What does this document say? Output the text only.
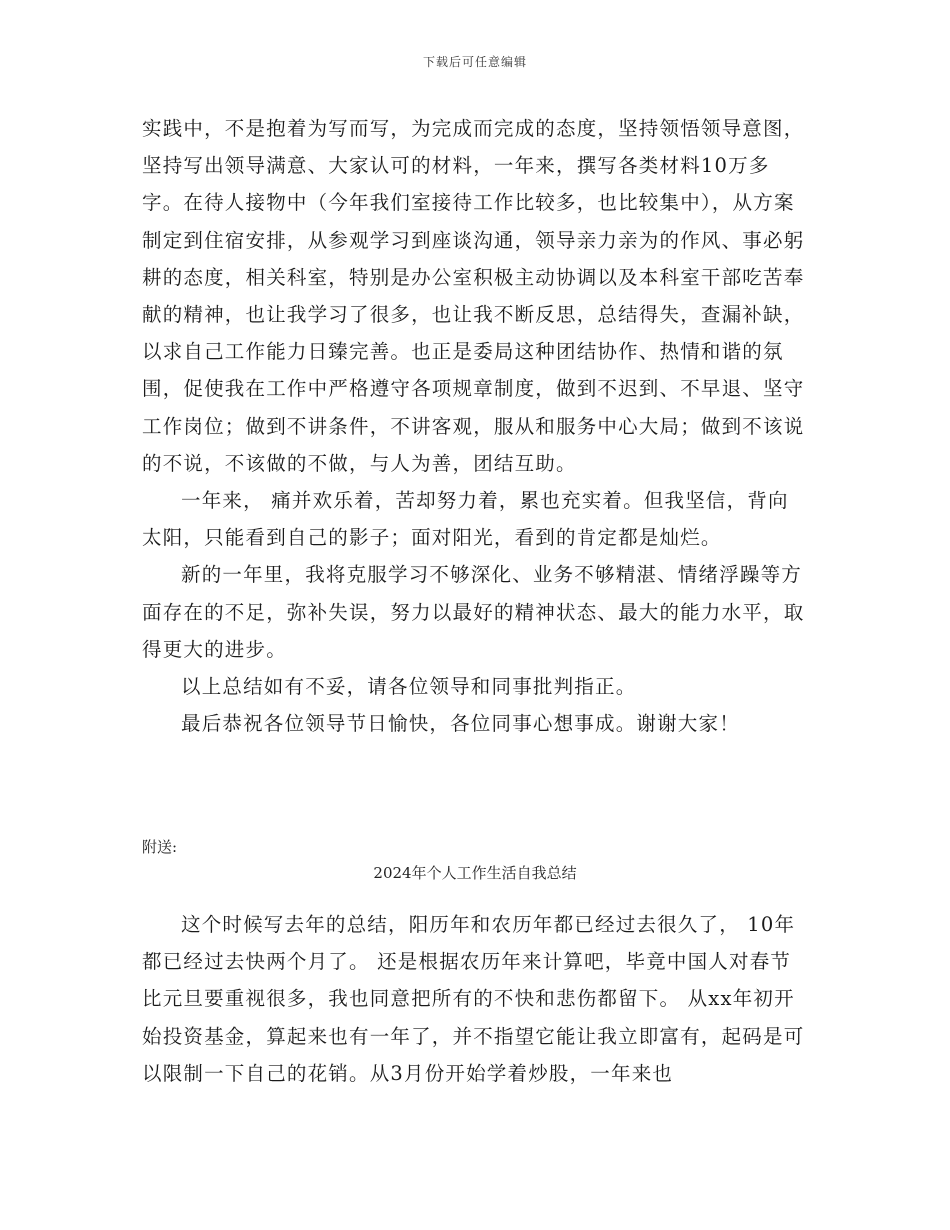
下载后可任意编辑

实践中，不是抱着为写而写，为完成而完成的态度，坚持领悟领导意图，坚持写出领导满意、大家认可的材料，一年来，撰写各类材料10万多字。在待人接物中（今年我们室接待工作比较多，也比较集中），从方案制定到住宿安排，从参观学习到座谈沟通，领导亲力亲为的作风、事必躬耕的态度，相关科室，特别是办公室积极主动协调以及本科室干部吃苦奉献的精神，也让我学习了很多，也让我不断反思，总结得失，查漏补缺，以求自己工作能力日臻完善。也正是委局这种团结协作、热情和谐的氛围，促使我在工作中严格遵守各项规章制度，做到不迟到、不早退、坚守工作岗位；做到不讲条件，不讲客观，服从和服务中心大局；做到不该说的不说，不该做的不做，与人为善，团结互助。

一年来， 痛并欢乐着，苦却努力着，累也充实着。但我坚信，背向太阳，只能看到自己的影子；面对阳光，看到的肯定都是灿烂。

新的一年里，我将克服学习不够深化、业务不够精湛、情绪浮躁等方面存在的不足，弥补失误，努力以最好的精神状态、最大的能力水平，取得更大的进步。

以上总结如有不妥，请各位领导和同事批判指正。

最后恭祝各位领导节日愉快，各位同事心想事成。谢谢大家！

附送:
2024年个人工作生活自我总结

这个时候写去年的总结，阳历年和农历年都已经过去很久了， 10年都已经过去快两个月了。 还是根据农历年来计算吧，毕竟中国人对春节比元旦要重视很多，我也同意把所有的不快和悲伤都留下。 从xx年初开始投资基金，算起来也有一年了，并不指望它能让我立即富有，起码是可以限制一下自己的花销。从3月份开始学着炒股，一年来也
